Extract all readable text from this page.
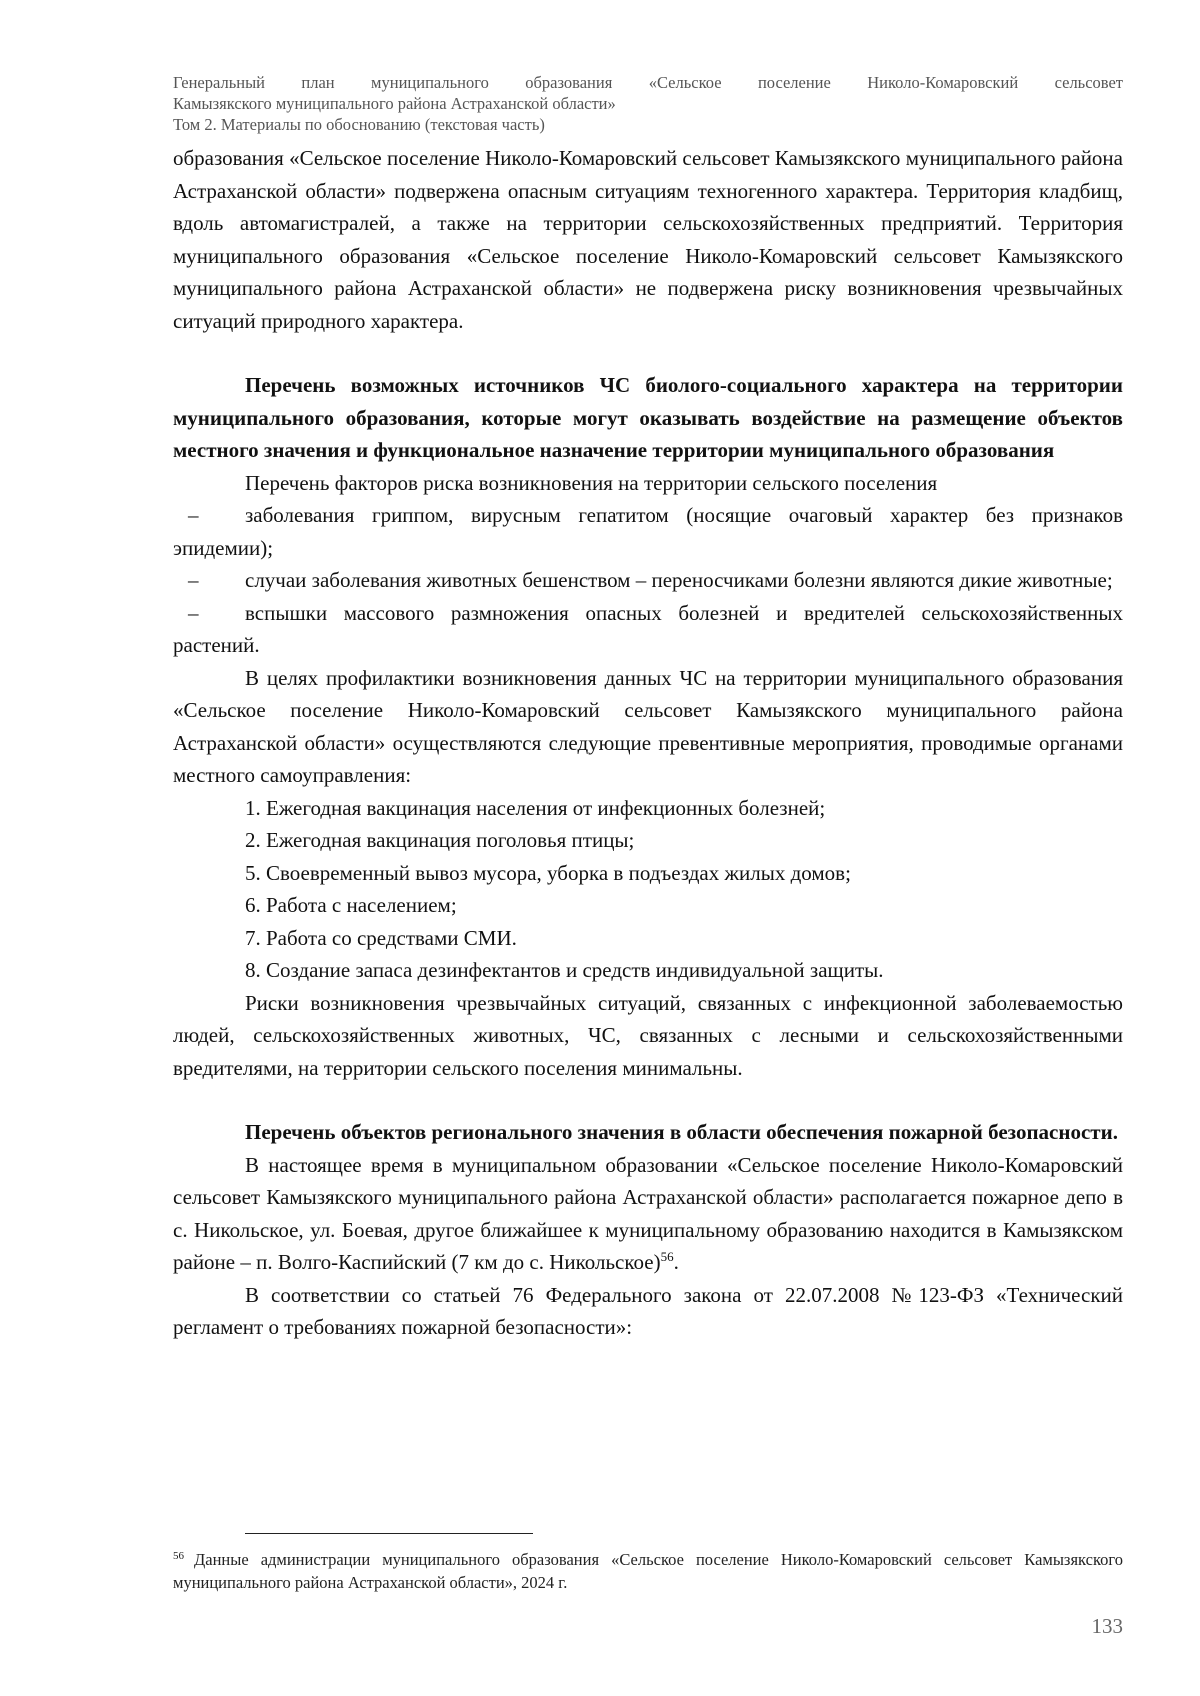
Генеральный план муниципального образования «Сельское поселение Николо-Комаровский сельсовет
Камызякского муниципального района Астраханской области»
Том 2. Материалы по обоснованию (текстовая часть)

образования «Сельское поселение Николо-Комаровский сельсовет Камызякского муниципального района Астраханской области» подвержена опасным ситуациям техногенного характера. Территория кладбищ, вдоль автомагистралей, а также на территории сельскохозяйственных предприятий. Территория муниципального образования «Сельское поселение Николо-Комаровский сельсовет Камызякского муниципального района Астраханской области» не подвержена риску возникновения чрезвычайных ситуаций природного характера.

Перечень возможных источников ЧС биолого-социального характера на территории муниципального образования, которые могут оказывать воздействие на размещение объектов местного значения и функциональное назначение территории муниципального образования

Перечень факторов риска возникновения на территории сельского поселения

– заболевания гриппом, вирусным гепатитом (носящие очаговый характер без признаков эпидемии);

– случаи заболевания животных бешенством – переносчиками болезни являются дикие животные;

– вспышки массового размножения опасных болезней и вредителей сельскохозяйственных растений.

В целях профилактики возникновения данных ЧС на территории муниципального образования «Сельское поселение Николо-Комаровский сельсовет Камызякского муниципального района Астраханской области» осуществляются следующие превентивные мероприятия, проводимые органами местного самоуправления:

1. Ежегодная вакцинация населения от инфекционных болезней;

2. Ежегодная вакцинация поголовья птицы;

5. Своевременный вывоз мусора, уборка в подъездах жилых домов;

6. Работа с населением;

7. Работа со средствами СМИ.

8. Создание запаса дезинфектантов и средств индивидуальной защиты.

Риски возникновения чрезвычайных ситуаций, связанных с инфекционной заболеваемостью людей, сельскохозяйственных животных, ЧС, связанных с лесными и сельскохозяйственными вредителями, на территории сельского поселения минимальны.

Перечень объектов регионального значения в области обеспечения пожарной безопасности.

В настоящее время в муниципальном образовании «Сельское поселение Николо-Комаровский сельсовет Камызякского муниципального района Астраханской области» располагается пожарное депо в с. Никольское, ул. Боевая, другое ближайшее к муниципальному образованию находится в Камызякском районе – п. Волго-Каспийский (7 км до с. Никольское)$^{56}$.

В соответствии со статьей 76 Федерального закона от 22.07.2008 №123-ФЗ «Технический регламент о требованиях пожарной безопасности»:

$^{56}$ Данные администрации муниципального образования «Сельское поселение Николо-Комаровский сельсовет Камызякского муниципального района Астраханской области», 2024 г.
133
